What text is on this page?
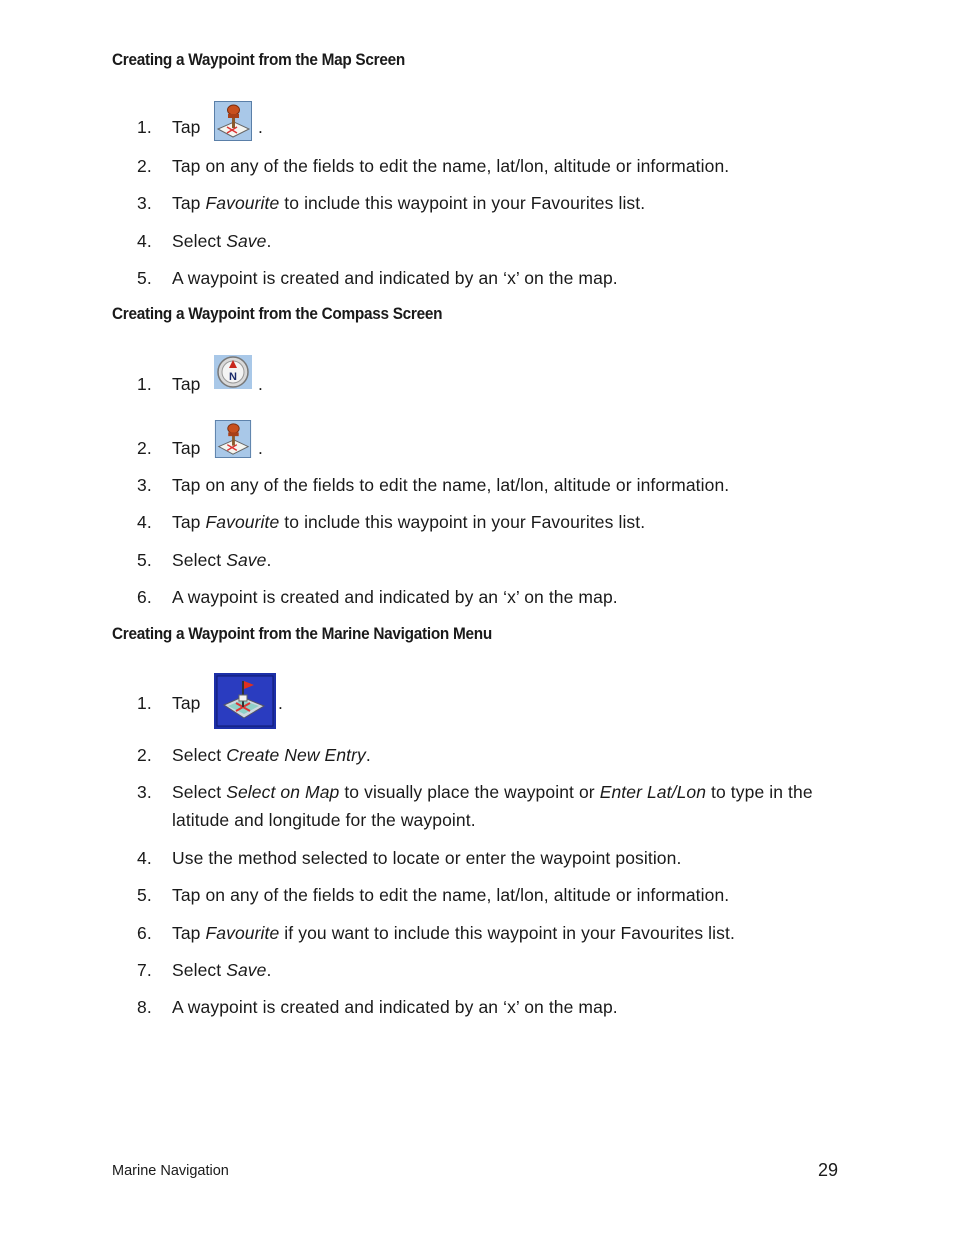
Creating a Waypoint from the Map Screen
1.	Tap	.
2.	Tap on any of the fields to edit the name, lat/lon, altitude or information.
3.	Tap Favourite to include this waypoint in your Favourites list.
4.	Select Save.
5.	A waypoint is created and indicated by an ‘x’ on the map.
Creating a Waypoint from the Compass Screen
1.	Tap	.
N
2.	Tap	.
3.	Tap on any of the fields to edit the name, lat/lon, altitude or information.
4.	Tap Favourite to include this waypoint in your Favourites list.
5.	Select Save.
6.	A waypoint is created and indicated by an ‘x’ on the map.
Creating a Waypoint from the Marine Navigation Menu
1.	Tap	.
2.	Select Create New Entry.
3.	Select Select on Map to visually place the waypoint or Enter Lat/Lon to type in the latitude and longitude for the waypoint.
4.	Use the method selected to locate or enter the waypoint position.
5.	Tap on any of the fields to edit the name, lat/lon, altitude or information.
6.	Tap Favourite if you want to include this waypoint in your Favourites list.
7.	Select Save.
8.	A waypoint is created and indicated by an ‘x’ on the map.
Marine Navigation	29
